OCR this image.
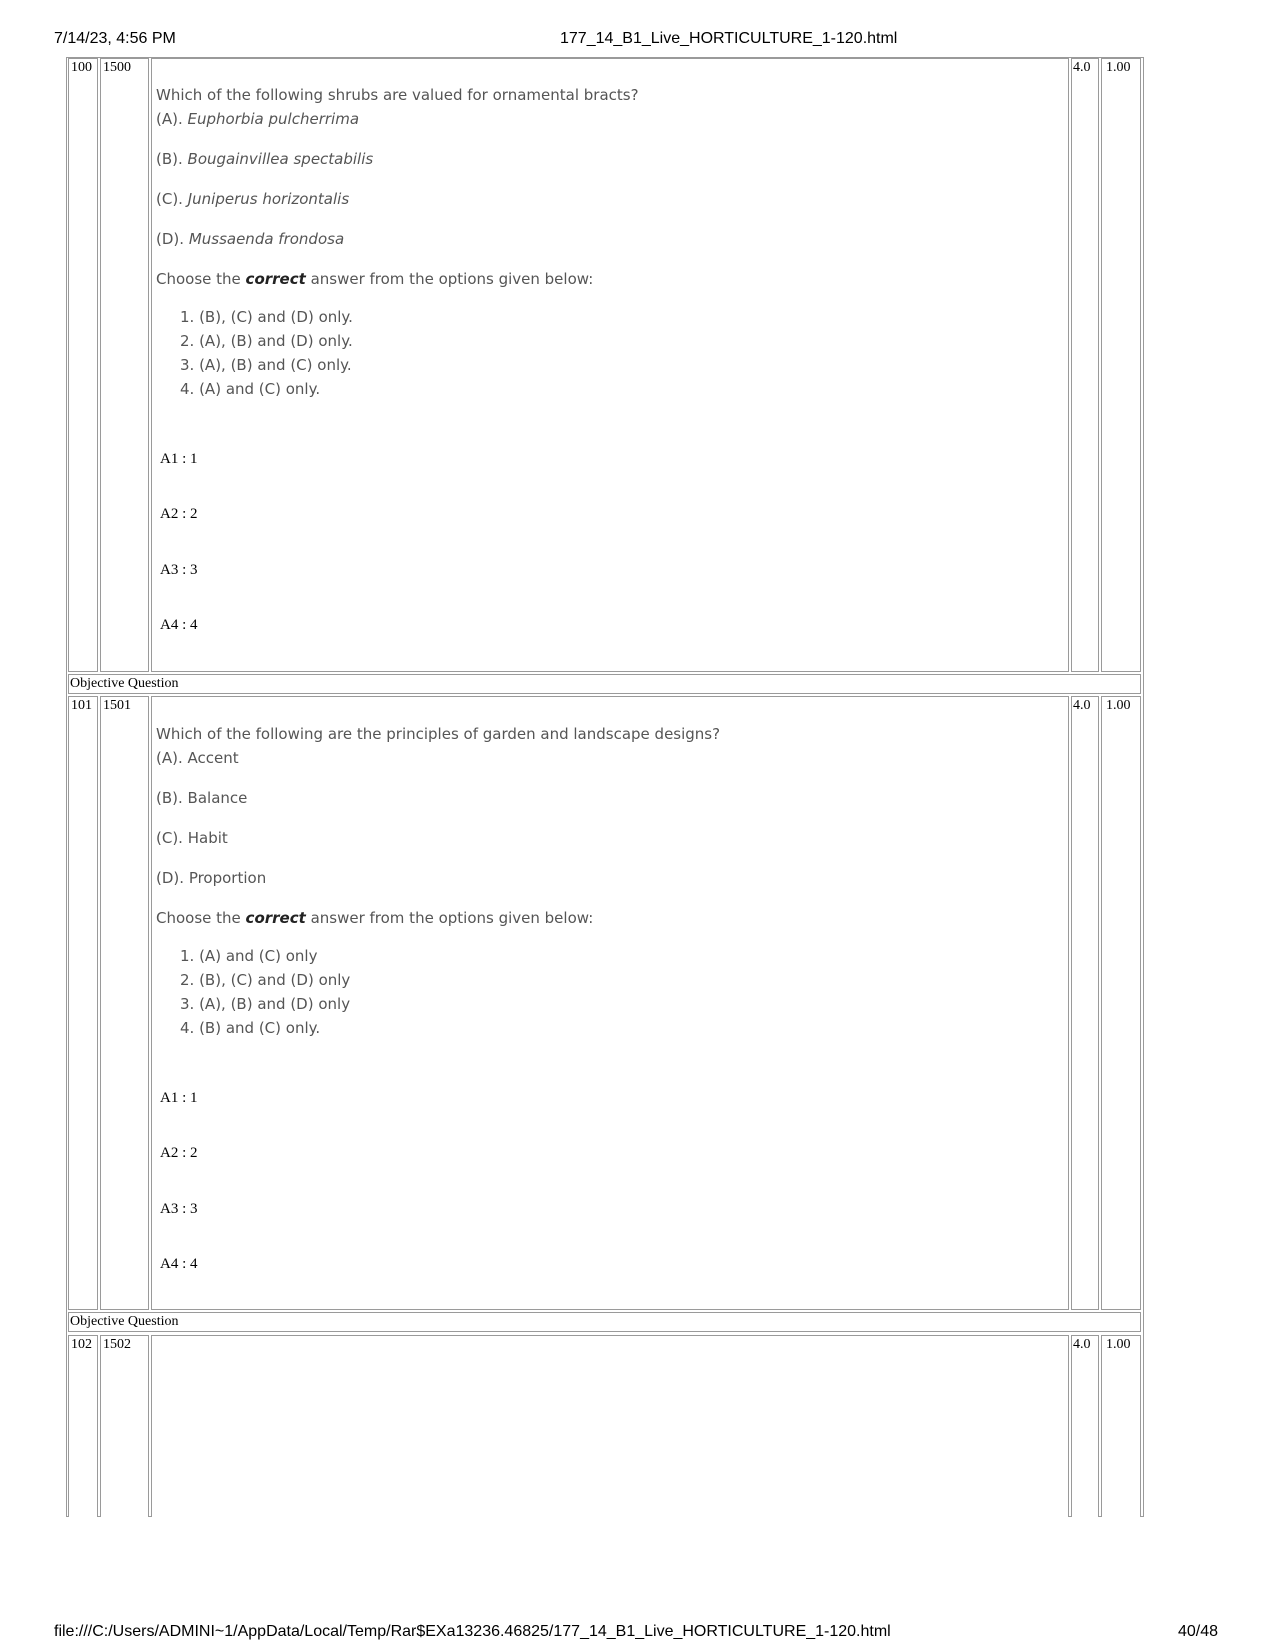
7/14/23, 4:56 PM	177_14_B1_Live_HORTICULTURE_1-120.html
100 1500	4.0 1.00

Which of the following shrubs are valued for ornamental bracts?

(A). Euphorbia pulcherrima

(B). Bougainvillea spectabilis

(C). Juniperus horizontalis

(D). Mussaenda frondosa

Choose the correct answer from the options given below:

1. (B), (C) and (D) only.
2. (A), (B) and (D) only.
3. (A), (B) and (C) only.
4. (A) and (C) only.
A1 : 1
A2 : 2
A3 : 3
A4 : 4
Objective Question
101 1501	4.0 1.00

Which of the following are the principles of garden and landscape designs?

(A). Accent

(B). Balance

(C). Habit

(D). Proportion

Choose the correct answer from the options given below:

1. (A) and (C) only
2. (B), (C) and (D) only
3. (A), (B) and (D) only
4. (B) and (C) only.
A1 : 1
A2 : 2
A3 : 3
A4 : 4
Objective Question
102 1502	4.0 1.00
file:///C:/Users/ADMINI~1/AppData/Local/Temp/Rar$EXa13236.46825/177_14_B1_Live_HORTICULTURE_1-120.html	40/48
